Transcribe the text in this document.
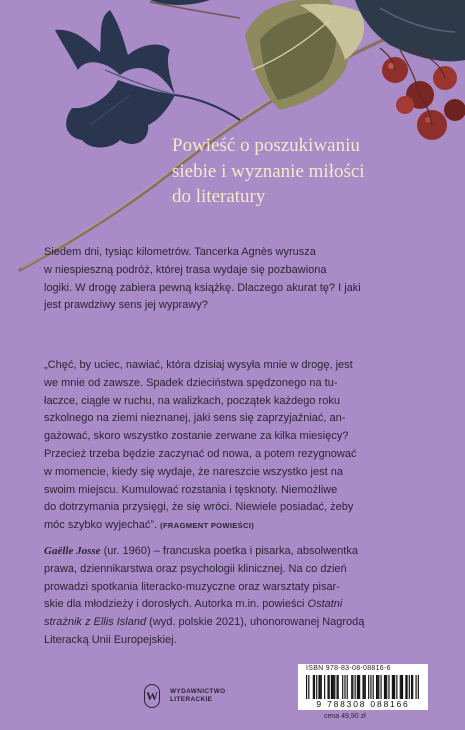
Powieść o poszukiwaniu
siebie i wyznanie miłości
do literatury
Siedem dni, tysiąc kilometrów. Tancerka Agnès wyrusza
w niespieszną podróż, której trasa wydaje się pozbawiona
logiki. W drogę zabiera pewną książkę. Dlaczego akurat tę? I jaki
jest prawdziwy sens jej wyprawy?
„Chęć, by uciec, nawiać, która dzisiaj wysyła mnie w drogę, jest
we mnie od zawsze. Spadek dzieciństwa spędzonego na tu-
łaczce, ciągle w ruchu, na walizkach, początek każdego roku
szkolnego na ziemi nieznanej, jaki sens się zaprzyjaźniać, an-
gażować, skoro wszystko zostanie zerwane za kilka miesięcy?
Przecież trzeba będzie zaczynać od nowa, a potem rezygnować
w momencie, kiedy się wydaje, że nareszcie wszystko jest na
swoim miejscu. Kumulować rozstania i tęsknoty. Niemożliwe
do dotrzymania przysięgi, że się wróci. Niewiele posiadać, żeby
móc szybko wyjechać”. (FRAGMENT POWIEŚCI)
Gaëlle Josse (ur. 1960) – francuska poetka i pisarka, absolwentka
prawa, dziennikarstwa oraz psychologii klinicznej. Na co dzień
prowadzi spotkania literacko-muzyczne oraz warsztaty pisar-
skie dla młodzieży i dorosłych. Autorka m.in. powieści Ostatni
strażnik z Ellis Island (wyd. polskie 2021), uhonorowanej Nagrodą
Literacką Unii Europejskiej.
W	WYDAWNICTWO
LITERACKIE
ISBN 978-83-08-08816-6
9 788308 088166
cena 49,90 zł
